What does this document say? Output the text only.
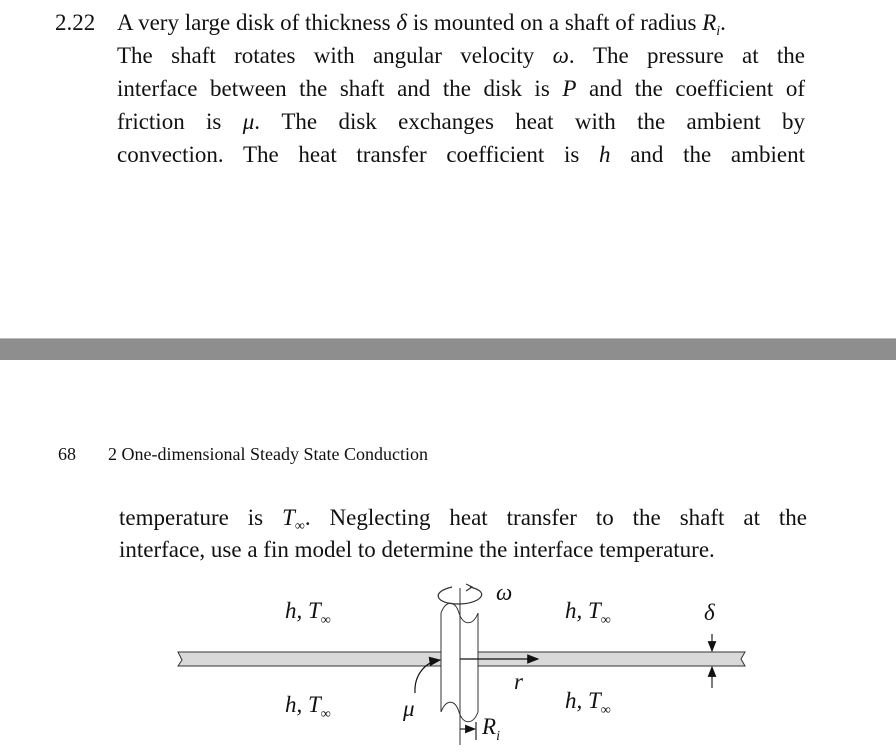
2.22 A very large disk of thickness δ is mounted on a shaft of radius $R_i$.
The shaft rotates with angular velocity ω. The pressure at the
interface between the shaft and the disk is P and the coefficient of
friction is μ. The disk exchanges heat with the ambient by
convection. The heat transfer coefficient is h and the ambient
68 2 One-dimensional Steady State Conduction
temperature is $T_\infty$. Neglecting heat transfer to the shaft at the
interface, use a fin model to determine the interface temperature.
h, $T_\infty$	h, $T_\infty$
h, $T_\infty$
h, $T_\infty$
ω
δ
r
μ
$R_i$
